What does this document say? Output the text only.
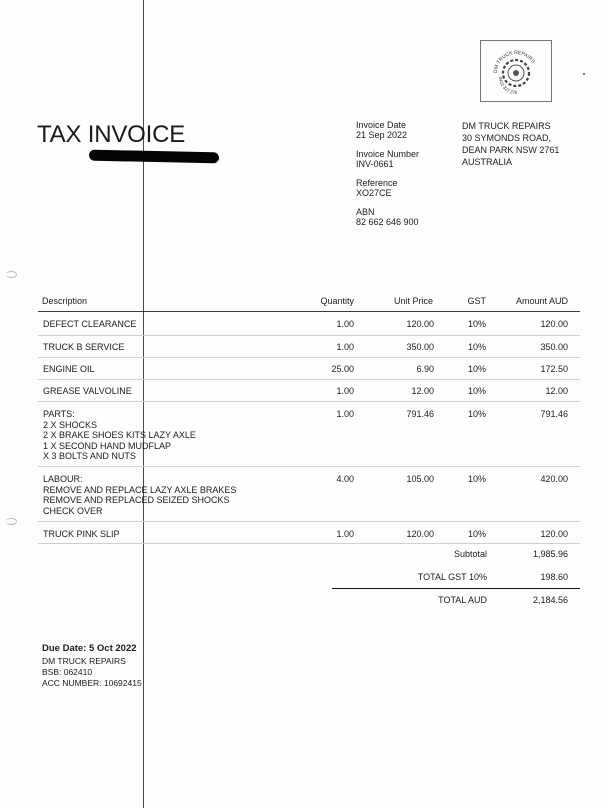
DM TRUCK REPAIRS
0412 327 275
TAX INVOICE	Invoice Date
21 Sep 2022
Invoice Number
INV-0661
Reference
XO27CE
ABN
82 662 646 900
DM TRUCK REPAIRS
30 SYMONDS ROAD,
DEAN PARK NSW 2761
AUSTRALIA
Description	Quantity	Unit Price	GST	Amount AUD
DEFECT CLEARANCE	1.00	120.00	10%	120.00
TRUCK B SERVICE	1.00	350.00	10%	350.00
ENGINE OIL	25.00	6.90	10%	172.50
GREASE VALVOLINE	1.00	12.00	10%	12.00
PARTS:
2 X SHOCKS
2 X BRAKE SHOES KITS LAZY AXLE
1 X SECOND HAND MUDFLAP
X 3 BOLTS AND NUTS
1.00	791.46	10%	791.46
LABOUR:
REMOVE AND REPLACE LAZY AXLE BRAKES
REMOVE AND REPLACED SEIZED SHOCKS
CHECK OVER
4.00	105.00	10%	420.00
TRUCK PINK SLIP	1.00	120.00	10%	120.00
Subtotal	1,985.96
TOTAL GST 10%	198.60
TOTAL AUD	2,184.56
Due Date: 5 Oct 2022
DM TRUCK REPAIRS
BSB: 062410
ACC NUMBER: 10692415
